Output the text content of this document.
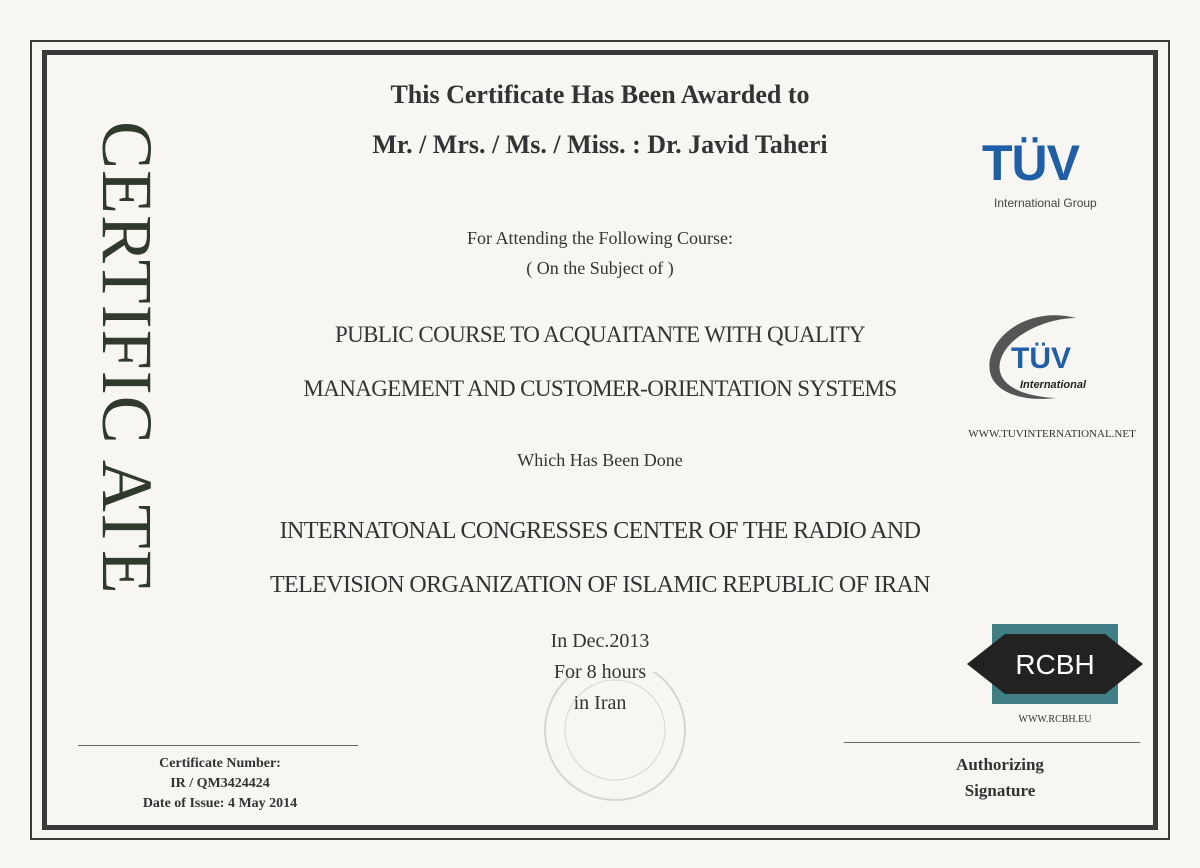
CERTIFIC ATE
This Certificate Has Been Awarded to
Mr. / Mrs. / Ms. / Miss. : Dr. Javid Taheri
For Attending the Following Course:
( On the Subject of )
PUBLIC COURSE TO ACQUAITANTE WITH QUALITY
MANAGEMENT AND CUSTOMER-ORIENTATION SYSTEMS
Which Has Been Done
INTERNATONAL CONGRESSES CENTER OF THE RADIO AND
TELEVISION ORGANIZATION OF ISLAMIC REPUBLIC OF IRAN
In Dec.2013
For 8 hours
in Iran
TÜV
International Group
TÜV
International
WWW.TUVINTERNATIONAL.NET
RCBH
WWW.RCBH.EU
Certificate Number:
IR / QM3424424
Date of Issue: 4 May 2014
Authorizing
Signature
